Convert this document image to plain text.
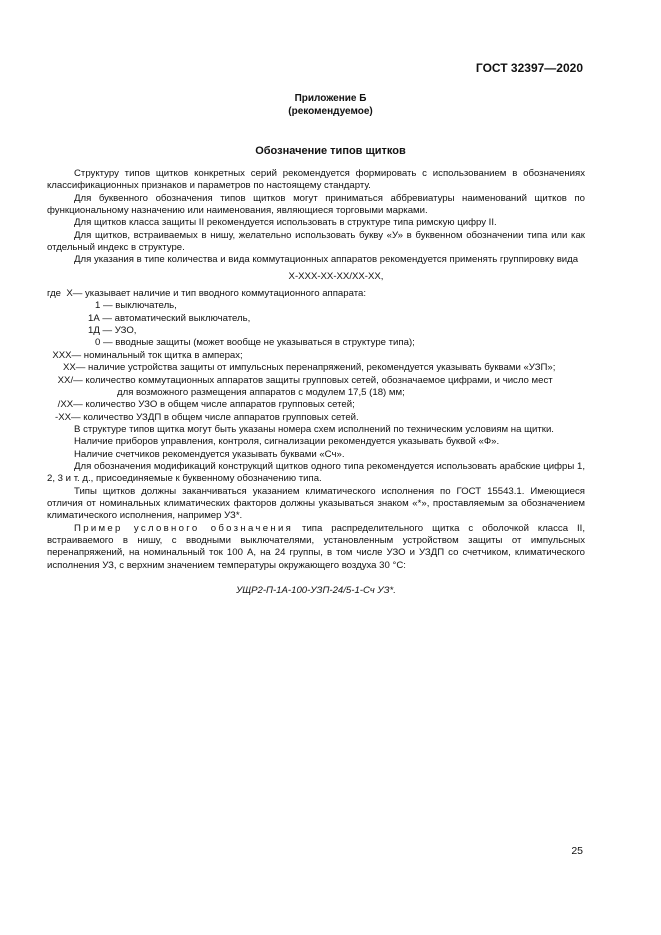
ГОСТ 32397—2020
Приложение Б
(рекомендуемое)
Обозначение типов щитков

Структуру типов щитков конкретных серий рекомендуется формировать с использованием в обозначениях классификационных признаков и параметров по настоящему стандарту.

Для буквенного обозначения типов щитков могут приниматься аббревиатуры наименований щитков по функциональному назначению или наименования, являющиеся торговыми марками.

Для щитков класса защиты II рекомендуется использовать в структуре типа римскую цифру II.

Для щитков, встраиваемых в нишу, желательно использовать букву «У» в буквенном обозначении типа или как отдельный индекс в структуре.

Для указания в типе количества и вида коммутационных аппаратов рекомендуется применять группировку вида

Х-ХХХ-ХХ-ХХ/ХХ-ХХ,
где  Х — указывает наличие и тип вводного коммутационного аппарата:
1 — выключатель,
1А — автоматический выключатель,
1Д — УЗО,
0 — вводные защиты (может вообще не указываться в структуре типа);
ХХХ — номинальный ток щитка в амперах;
ХХ — наличие устройства защиты от импульсных перенапряжений, рекомендуется указывать буквами «УЗП»;
ХХ/ — количество коммутационных аппаратов защиты групповых сетей, обозначаемое цифрами, и число мест
для возможного размещения аппаратов с модулем 17,5 (18) мм;
/ХХ — количество УЗО в общем числе аппаратов групповых сетей;
-ХХ — количество УЗДП в общем числе аппаратов групповых сетей.

В структуре типов щитка могут быть указаны номера схем исполнений по техническим условиям на щитки.

Наличие приборов управления, контроля, сигнализации рекомендуется указывать буквой «Ф».

Наличие счетчиков рекомендуется указывать буквами «Сч».

Для обозначения модификаций конструкций щитков одного типа рекомендуется использовать арабские цифры 1, 2, 3 и т. д., присоединяемые к буквенному обозначению типа.

Типы щитков должны заканчиваться указанием климатического исполнения по ГОСТ 15543.1. Имеющиеся отличия от номинальных климатических факторов должны указываться знаком «*», проставляемым за обозначением климатического исполнения, например УЗ*.

Пример условного обозначения типа распределительного щитка с оболочкой класса II, встраиваемого в нишу, с вводными выключателями, установленным устройством защиты от импульсных перенапряжений, на номинальный ток 100 А, на 24 группы, в том числе УЗО и УЗДП со счетчиком, климатического исполнения УЗ, с верхним значением температуры окружающего воздуха 30 °С:

УЩР2-П-1А-100-УЗП-24/5-1-Сч УЗ*.
25
